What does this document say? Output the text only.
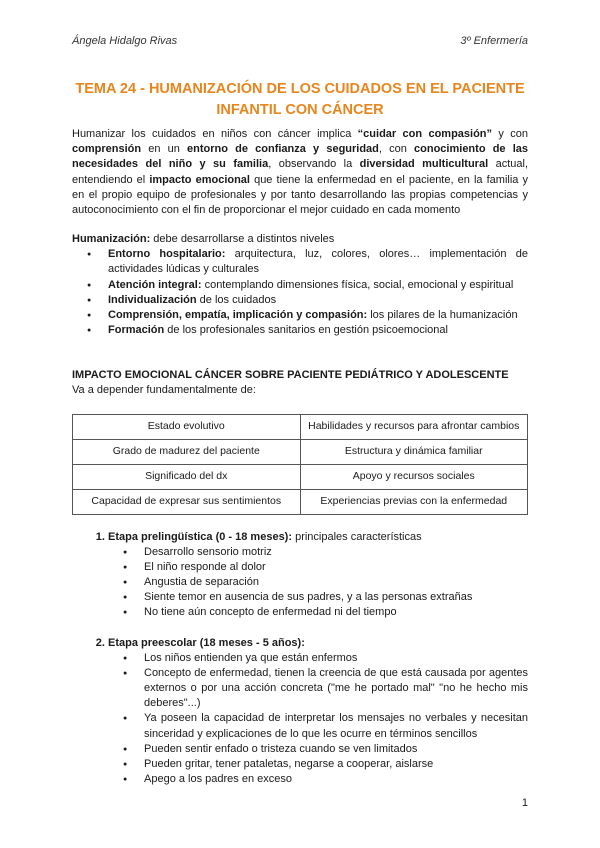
Ángela Hidalgo Rivas	3º Enfermería
TEMA 24 - HUMANIZACIÓN DE LOS CUIDADOS EN EL PACIENTE INFANTIL CON CÁNCER

Humanizar los cuidados en niños con cáncer implica “cuidar con compasión” y con comprensión en un entorno de confianza y seguridad, con conocimiento de las necesidades del niño y su familia, observando la diversidad multicultural actual, entendiendo el impacto emocional que tiene la enfermedad en el paciente, en la familia y en el propio equipo de profesionales y por tanto desarrollando las propias competencias y autoconocimiento con el fin de proporcionar el mejor cuidado en cada momento

Humanización: debe desarrollarse a distintos niveles

● Entorno hospitalario: arquitectura, luz, colores, olores… implementación de actividades lúdicas y culturales
● Atención integral: contemplando dimensiones física, social, emocional y espiritual
● Individualización de los cuidados
● Comprensión, empatía, implicación y compasión: los pilares de la humanización
● Formación de los profesionales sanitarios en gestión psicoemocional

IMPACTO EMOCIONAL CÁNCER SOBRE PACIENTE PEDIÁTRICO Y ADOLESCENTE

Va a depender fundamentalmente de:

Estado evolutivo	Habilidades y recursos para afrontar cambios
Grado de madurez del paciente	Estructura y dinámica familiar
Significado del dx	Apoyo y recursos sociales
Capacidad de expresar sus sentimientos	Experiencias previas con la enfermedad
1. Etapa prelingüística (0 - 18 meses): principales características
● Desarrollo sensorio motriz
● El niño responde al dolor
● Angustia de separación
● Siente temor en ausencia de sus padres, y a las personas extrañas
● No tiene aún concepto de enfermedad ni del tiempo
2. Etapa preescolar (18 meses - 5 años):
● Los niños entienden ya que están enfermos
● Concepto de enfermedad, tienen la creencia de que está causada por agentes externos o por una acción concreta ("me he portado mal" "no he hecho mis deberes"...)
● Ya poseen la capacidad de interpretar los mensajes no verbales y necesitan sinceridad y explicaciones de lo que les ocurre en términos sencillos
● Pueden sentir enfado o tristeza cuando se ven limitados
● Pueden gritar, tener pataletas, negarse a cooperar, aislarse
● Apego a los padres en exceso
1
